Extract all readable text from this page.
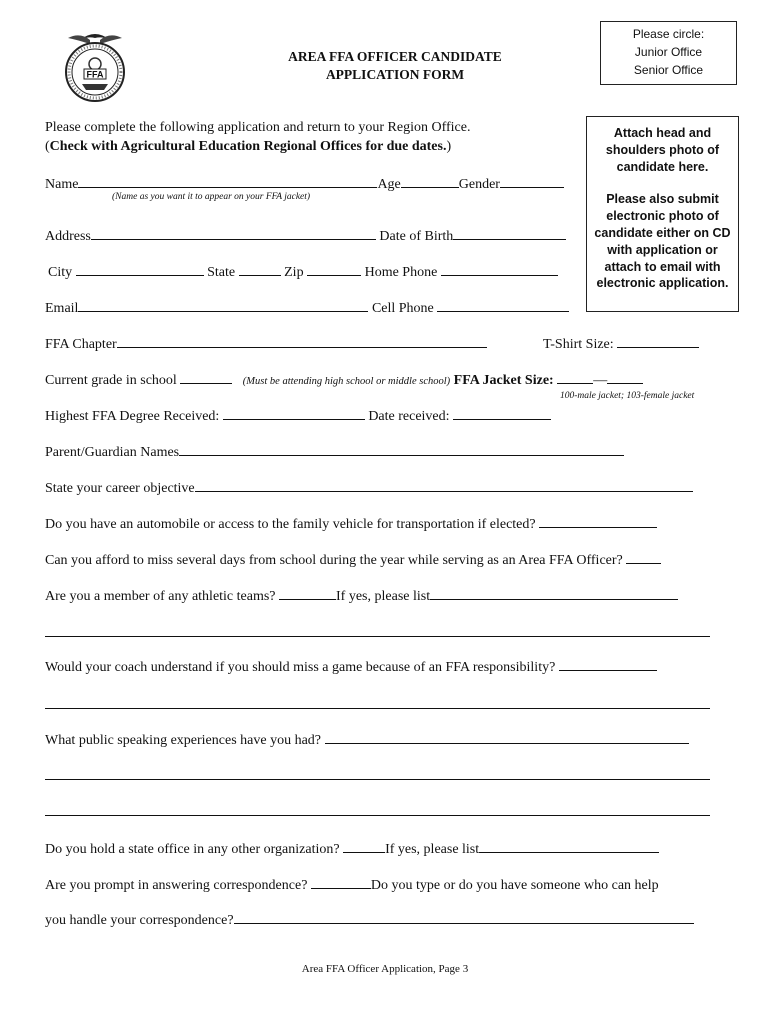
FFA
AREA FFA OFFICER CANDIDATE
APPLICATION FORM
Please circle:
Junior Office
Senior Office

Attach head and shoulders photo of candidate here.

Please also submit electronic photo of candidate either on CD with application or attach to email with electronic application.

Please complete the following application and return to your Region Office.
(Check with Agricultural Education Regional Offices for due dates.)
Name	Age	Gender
(Name as you want it to appear on your FFA jacket)
Address	Date of Birth
City	State	Zip	Home Phone
Email	Cell Phone
FFA Chapter	T-Shirt Size:
Current grade in school	(Must be attending high school or middle school) FFA Jacket Size:	—
100-male jacket; 103-female jacket
Highest FFA Degree Received:	Date received:
Parent/Guardian Names
State your career objective
Do you have an automobile or access to the family vehicle for transportation if elected?
Can you afford to miss several days from school during the year while serving as an Area FFA Officer?
Are you a member of any athletic teams?	If yes, please list
Would your coach understand if you should miss a game because of an FFA responsibility?
What public speaking experiences have you had?
Do you hold a state office in any other organization?	If yes, please list
Are you prompt in answering correspondence?	Do you type or do you have someone who can help
you handle your correspondence?
Area FFA Officer Application, Page 3
